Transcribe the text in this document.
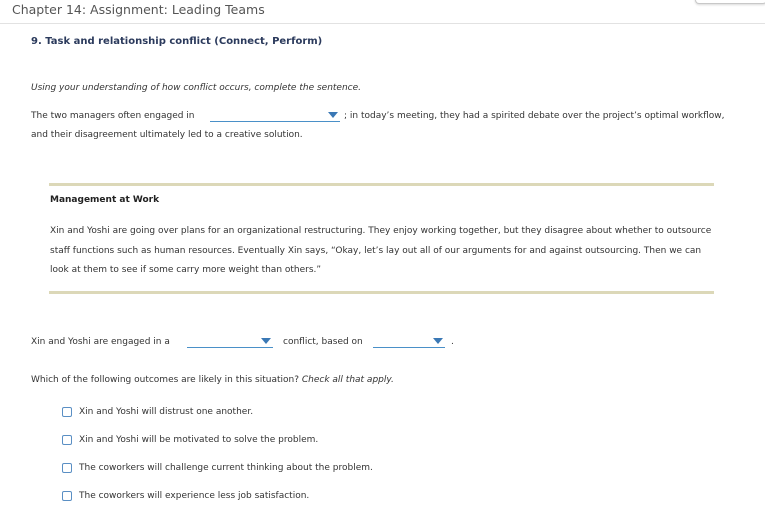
Chapter 14: Assignment: Leading Teams
9. Task and relationship conflict (Connect, Perform)
Using your understanding of how conflict occurs, complete the sentence.
The two managers often engaged in	; in today’s meeting, they had a spirited debate over the project’s optimal workflow,
and their disagreement ultimately led to a creative solution.
Management at Work
Xin and Yoshi are going over plans for an organizational restructuring. They enjoy working together, but they disagree about whether to outsource staff functions such as human resources. Eventually Xin says, “Okay, let’s lay out all of our arguments for and against outsourcing. Then we can look at them to see if some carry more weight than others.”
Xin and Yoshi are engaged in a	conflict, based on	.
Which of the following outcomes are likely in this situation? Check all that apply.
Xin and Yoshi will distrust one another.
Xin and Yoshi will be motivated to solve the problem.
The coworkers will challenge current thinking about the problem.
The coworkers will experience less job satisfaction.
